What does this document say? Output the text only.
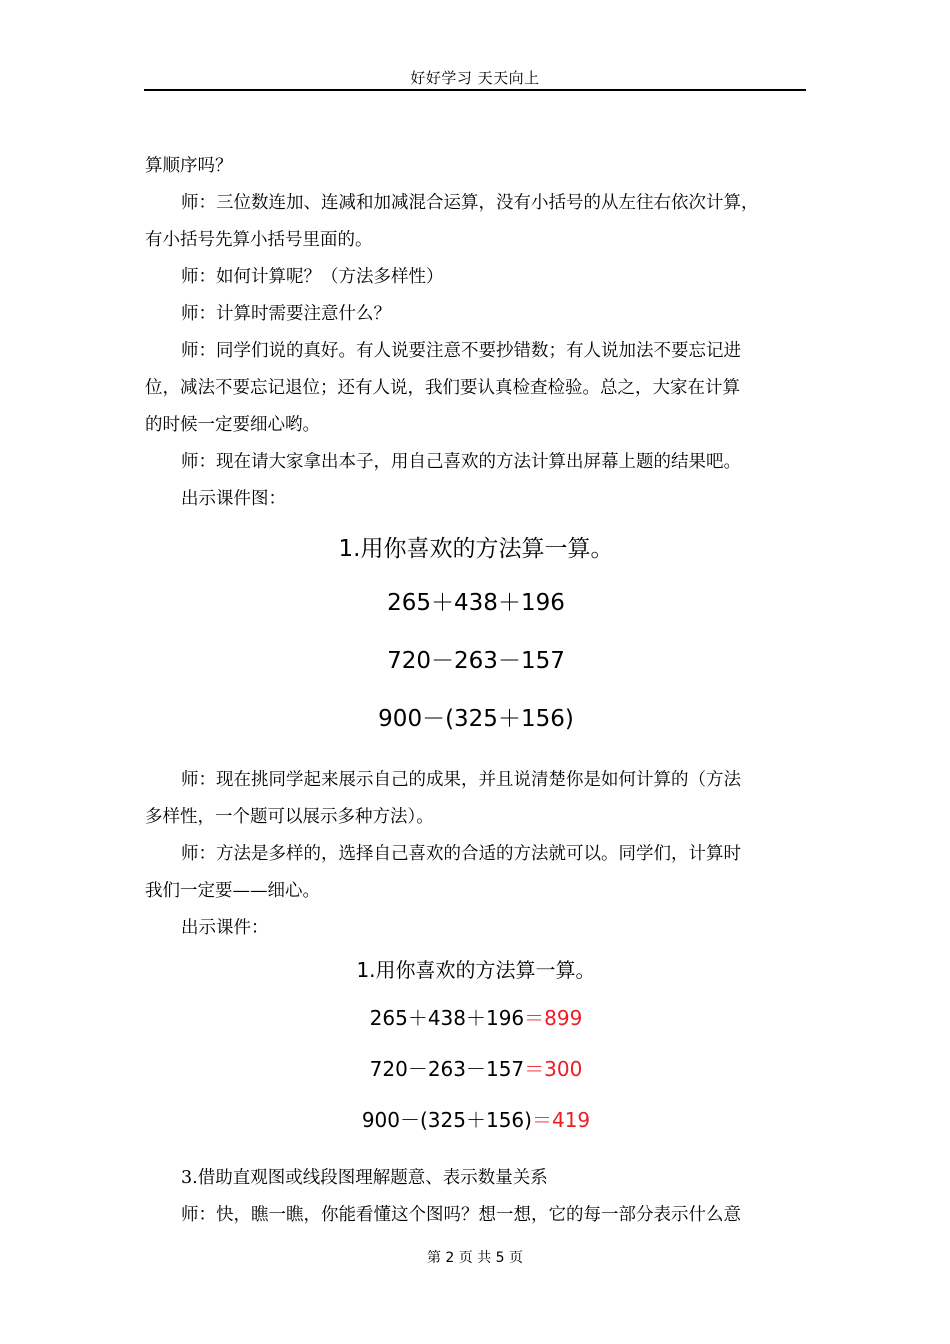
好好学习 天天向上
算顺序吗？
师：三位数连加、连减和加减混合运算，没有小括号的从左往右依次计算，
有小括号先算小括号里面的。
师：如何计算呢？（方法多样性）
师：计算时需要注意什么？
师：同学们说的真好。有人说要注意不要抄错数；有人说加法不要忘记进
位，减法不要忘记退位；还有人说，我们要认真检查检验。总之，大家在计算
的时候一定要细心哟。
师：现在请大家拿出本子，用自己喜欢的方法计算出屏幕上题的结果吧。
出示课件图：
1.用你喜欢的方法算一算。
265＋438＋196
720－263－157
900－(325＋156)
师：现在挑同学起来展示自己的成果，并且说清楚你是如何计算的（方法
多样性，一个题可以展示多种方法）。
师：方法是多样的，选择自己喜欢的合适的方法就可以。同学们，计算时
我们一定要——细心。
出示课件：
1.用你喜欢的方法算一算。
265＋438＋196＝899
720－263－157＝300
900－(325＋156)＝419
3.借助直观图或线段图理解题意、表示数量关系
师：快，瞧一瞧，你能看懂这个图吗？想一想，它的每一部分表示什么意
第 2 页 共 5 页
